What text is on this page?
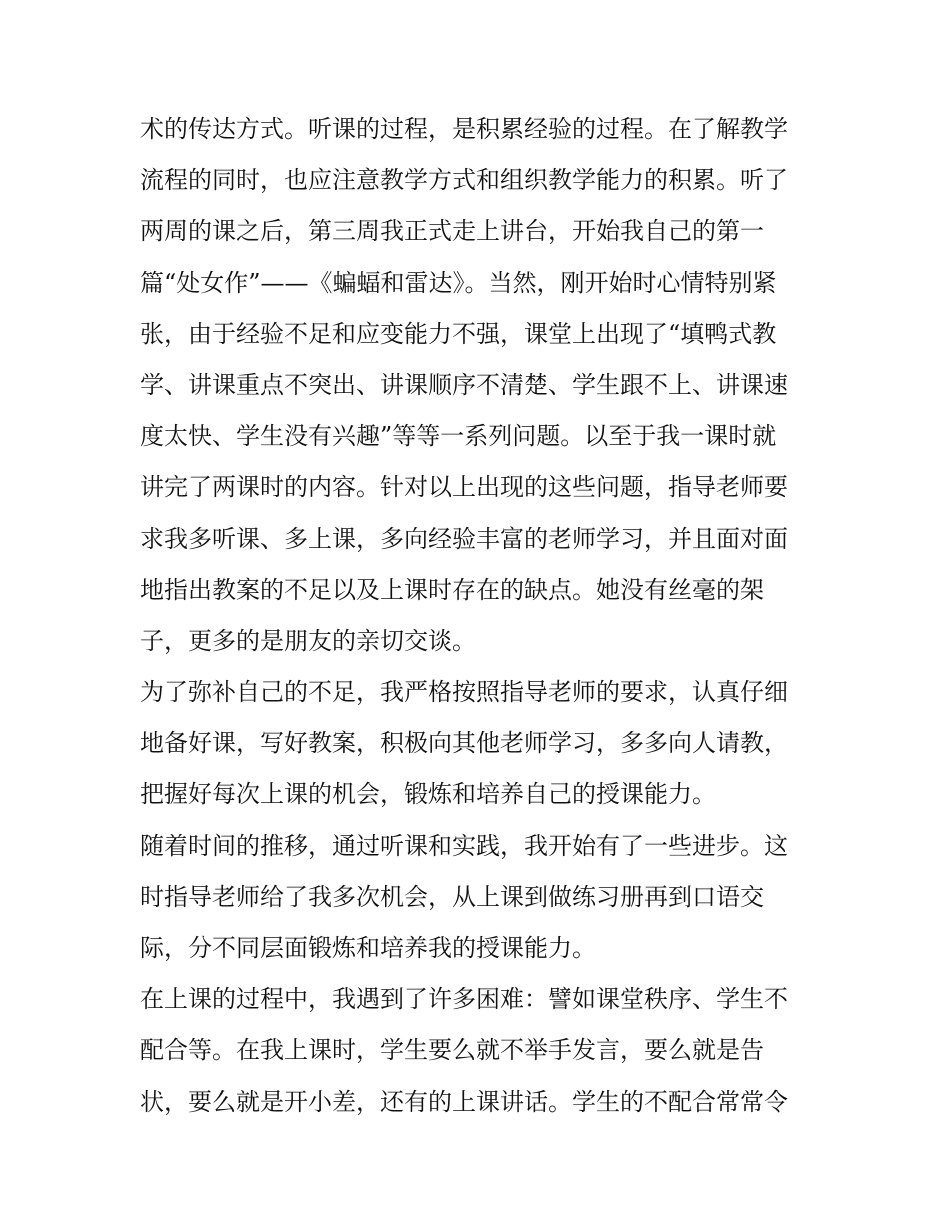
术的传达方式。听课的过程，是积累经验的过程。在了解教学
流程的同时，也应注意教学方式和组织教学能力的积累。听了
两周的课之后，第三周我正式走上讲台，开始我自己的第一
篇“处女作”——《蝙蝠和雷达》。当然，刚开始时心情特别紧
张，由于经验不足和应变能力不强，课堂上出现了“填鸭式教
学、讲课重点不突出、讲课顺序不清楚、学生跟不上、讲课速
度太快、学生没有兴趣”等等一系列问题。以至于我一课时就
讲完了两课时的内容。针对以上出现的这些问题，指导老师要
求我多听课、多上课，多向经验丰富的老师学习，并且面对面
地指出教案的不足以及上课时存在的缺点。她没有丝毫的架
子，更多的是朋友的亲切交谈。
为了弥补自己的不足，我严格按照指导老师的要求，认真仔细
地备好课，写好教案，积极向其他老师学习，多多向人请教，
把握好每次上课的机会，锻炼和培养自己的授课能力。
随着时间的推移，通过听课和实践，我开始有了一些进步。这
时指导老师给了我多次机会，从上课到做练习册再到口语交
际，分不同层面锻炼和培养我的授课能力。
在上课的过程中，我遇到了许多困难：譬如课堂秩序、学生不
配合等。在我上课时，学生要么就不举手发言，要么就是告
状，要么就是开小差，还有的上课讲话。学生的不配合常常令
